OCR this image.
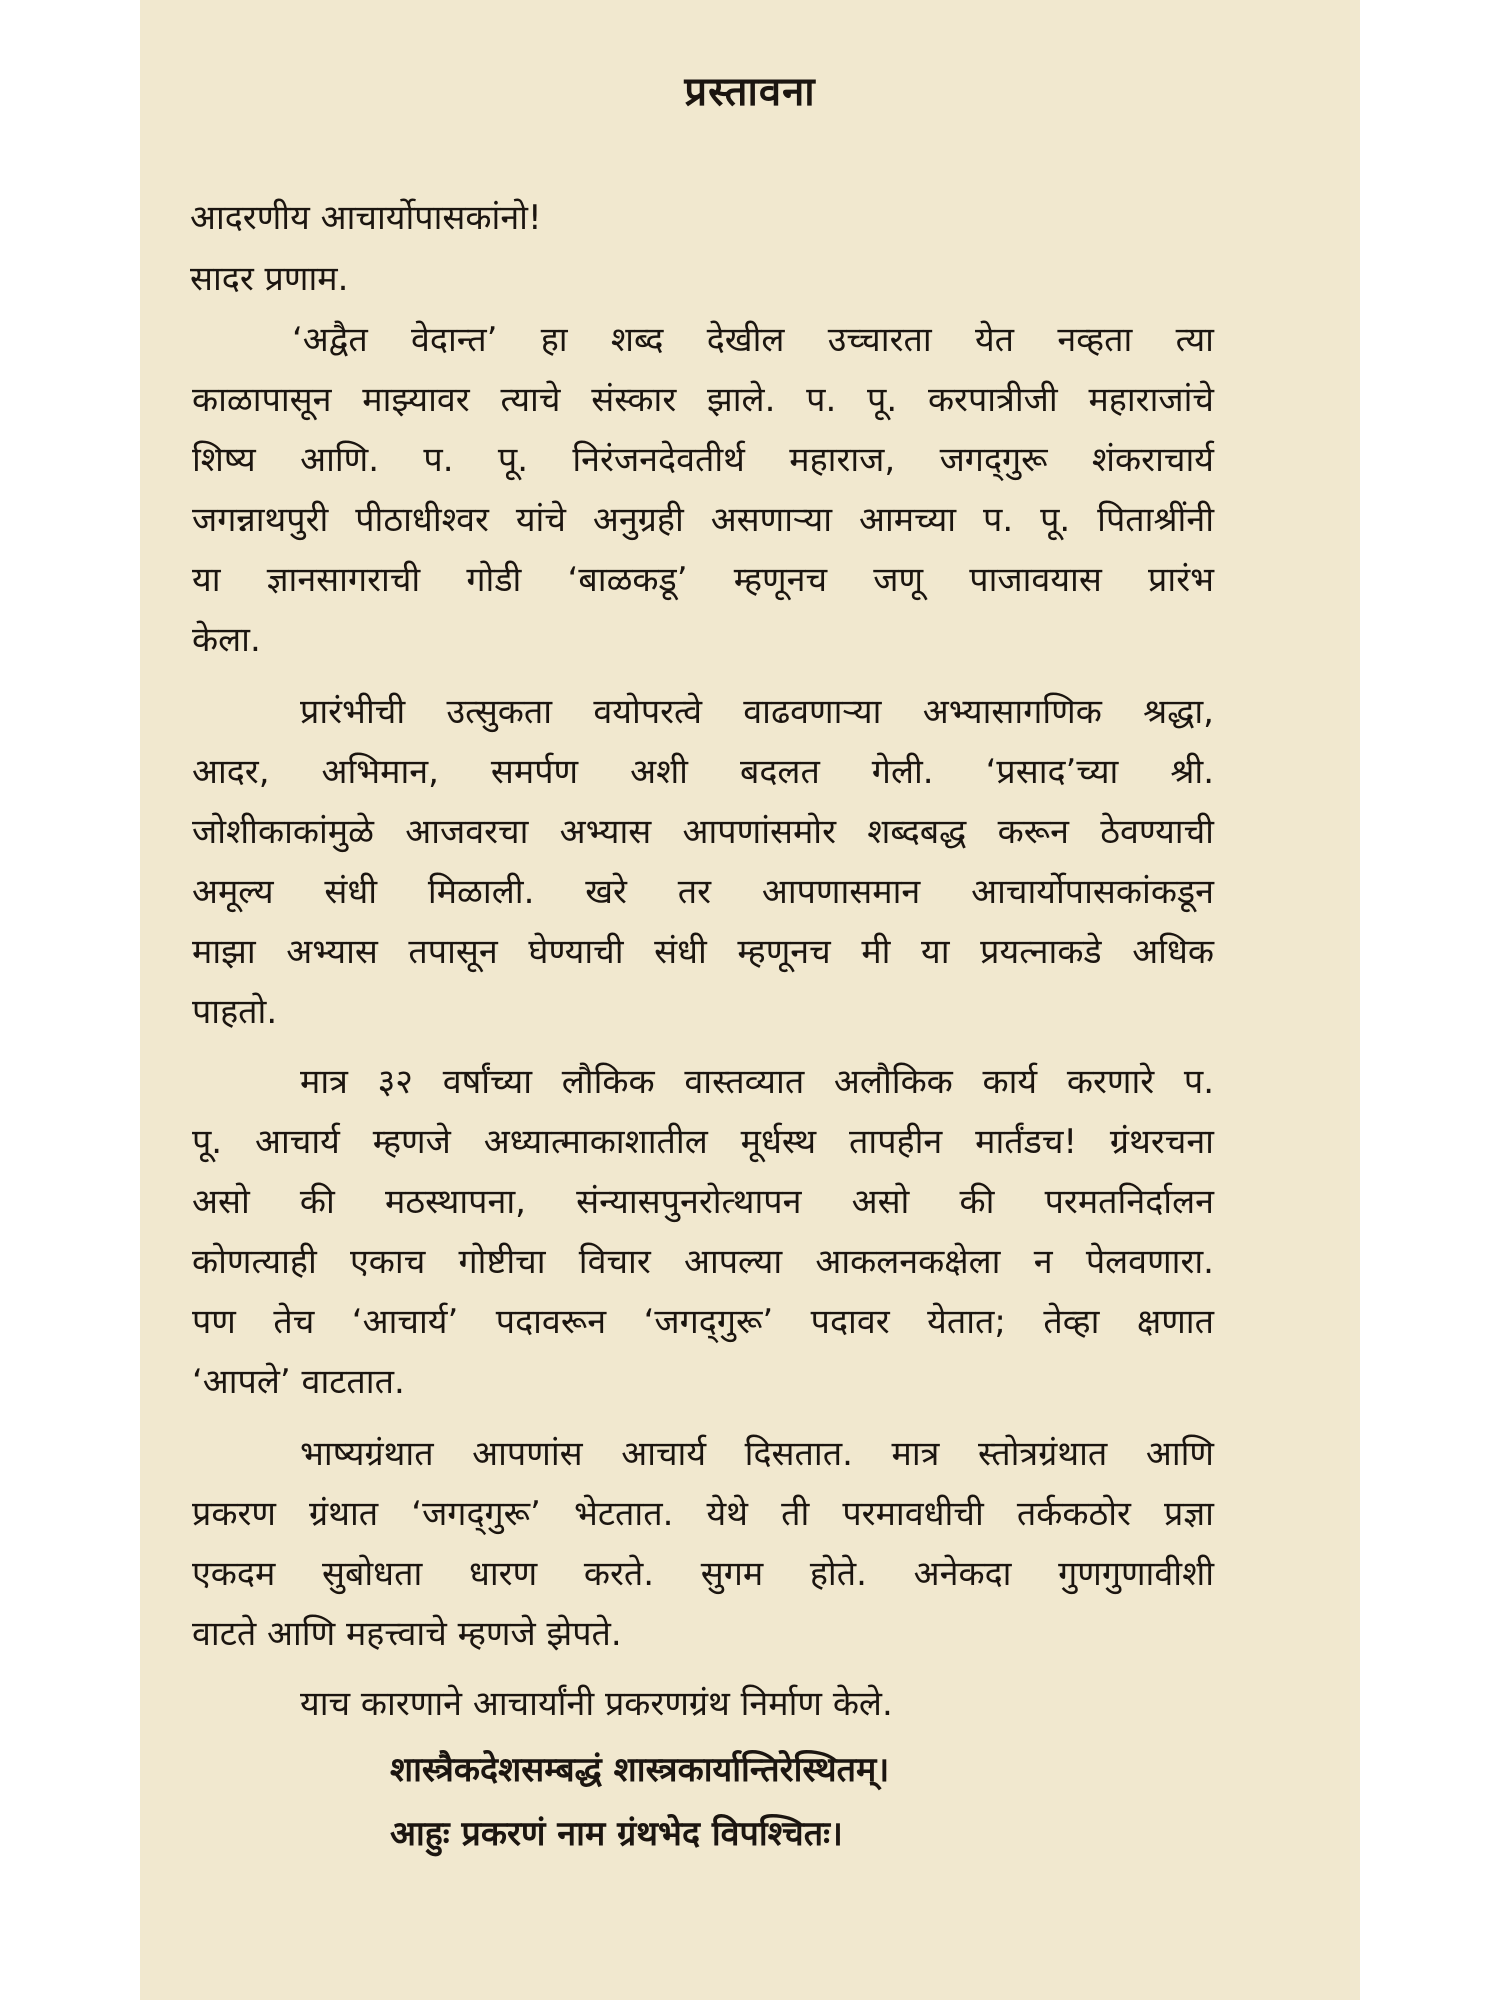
प्रस्तावना
आदरणीय आचार्योपासकांनो!
सादर प्रणाम.
‘अद्वैत वेदान्त’ हा शब्द देखील उच्चारता येत नव्हता त्या
काळापासून माझ्यावर त्याचे संस्कार झाले. प. पू. करपात्रीजी महाराजांचे
शिष्य आणि. प. पू. निरंजनदेवतीर्थ महाराज, जगद्‌गुरू शंकराचार्य
जगन्नाथपुरी पीठाधीश्वर यांचे अनुग्रही असणाऱ्या आमच्या प. पू. पिताश्रींनी
या ज्ञानसागराची गोडी ‘बाळकडू’ म्हणूनच जणू पाजावयास प्रारंभ
केला.
प्रारंभीची उत्सुकता वयोपरत्वे वाढवणाऱ्या अभ्यासागणिक श्रद्धा,
आदर, अभिमान, समर्पण अशी बदलत गेली. ‘प्रसाद’च्या श्री.
जोशीकाकांमुळे आजवरचा अभ्यास आपणांसमोर शब्दबद्ध करून ठेवण्याची
अमूल्य संधी मिळाली. खरे तर आपणासमान आचार्योपासकांकडून
माझा अभ्यास तपासून घेण्याची संधी म्हणूनच मी या प्रयत्नाकडे अधिक
पाहतो.
मात्र ३२ वर्षांच्या लौकिक वास्तव्यात अलौकिक कार्य करणारे प.
पू. आचार्य म्हणजे अध्यात्माकाशातील मूर्धस्थ तापहीन मार्तंडच! ग्रंथरचना
असो की मठस्थापना, संन्यासपुनरोत्थापन असो की परमतनिर्दालन
कोणत्याही एकाच गोष्टीचा विचार आपल्या आकलनकक्षेला न पेलवणारा.
पण तेच ‘आचार्य’ पदावरून ‘जगद्‌गुरू’ पदावर येतात; तेव्हा क्षणात
‘आपले’ वाटतात.
भाष्यग्रंथात आपणांस आचार्य दिसतात. मात्र स्तोत्रग्रंथात आणि
प्रकरण ग्रंथात ‘जगद्‌गुरू’ भेटतात. येथे ती परमावधीची तर्ककठोर प्रज्ञा
एकदम सुबोधता धारण करते. सुगम होते. अनेकदा गुणगुणावीशी
वाटते आणि महत्त्वाचे म्हणजे झेपते.
याच कारणाने आचार्यांनी प्रकरणग्रंथ निर्माण केले.
शास्त्रैकदेशसम्बद्धं शास्त्रकार्यान्तिरेस्थितम्।
आहुः प्रकरणं नाम ग्रंथभेद विपश्चितः।
